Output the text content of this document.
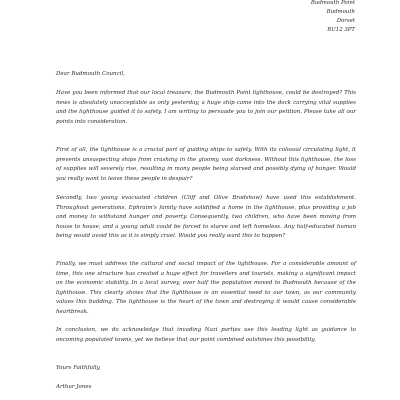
Budmouth Point
Budmouth
Dorset
BU12 3PT
Dear Budmouth Council,

Have you been informed that our local treasure, the Budmouth Point lighthouse, could be destroyed? This news is absolutely unacceptable as only yesterday, a huge ship came into the dock carrying vital supplies and the lighthouse guided it to safety. I am writing to persuade you to join our petition. Please take all our points into consideration.

First of all, the lighthouse is a crucial part of guiding ships to safety. With its colossal circulating light, it prevents unsuspecting ships from crashing in the gloomy, vast darkness. Without this lighthouse, the loss of supplies will severely rise, resulting in many people being starved and possibly dying of hunger. Would you really want to leave these people in despair?

Secondly, two young evacuated children (Cliff and Olive Bradshaw) have used this establishment. Throughout generations, Ephraim's family have solidified a home in the lighthouse, plus providing a job and money to withstand hunger and poverty. Consequently, two children, who have been moving from house to house, and a young adult could be forced to starve and left homeless. Any half-educated human being would avoid this as it is simply cruel. Would you really want this to happen?

Finally, we must address the cultural and social impact of the lighthouse. For a considerable amount of time, this one structure has created a huge effect for travellers and tourists, making a significant impact on the economic stability. In a local survey, over half the population moved to Budmouth because of the lighthouse. This clearly shows that the lighthouse is an essential need to our town, as our community values this building. The lighthouse is the heart of the town and destroying it would cause considerable heartbreak.

In conclusion, we do acknowledge that invading Nazi parties use this leading light as guidance to oncoming populated towns, yet we believe that our point combined outshines this possibility.

Yours Faithfully,
Arthur Jones
